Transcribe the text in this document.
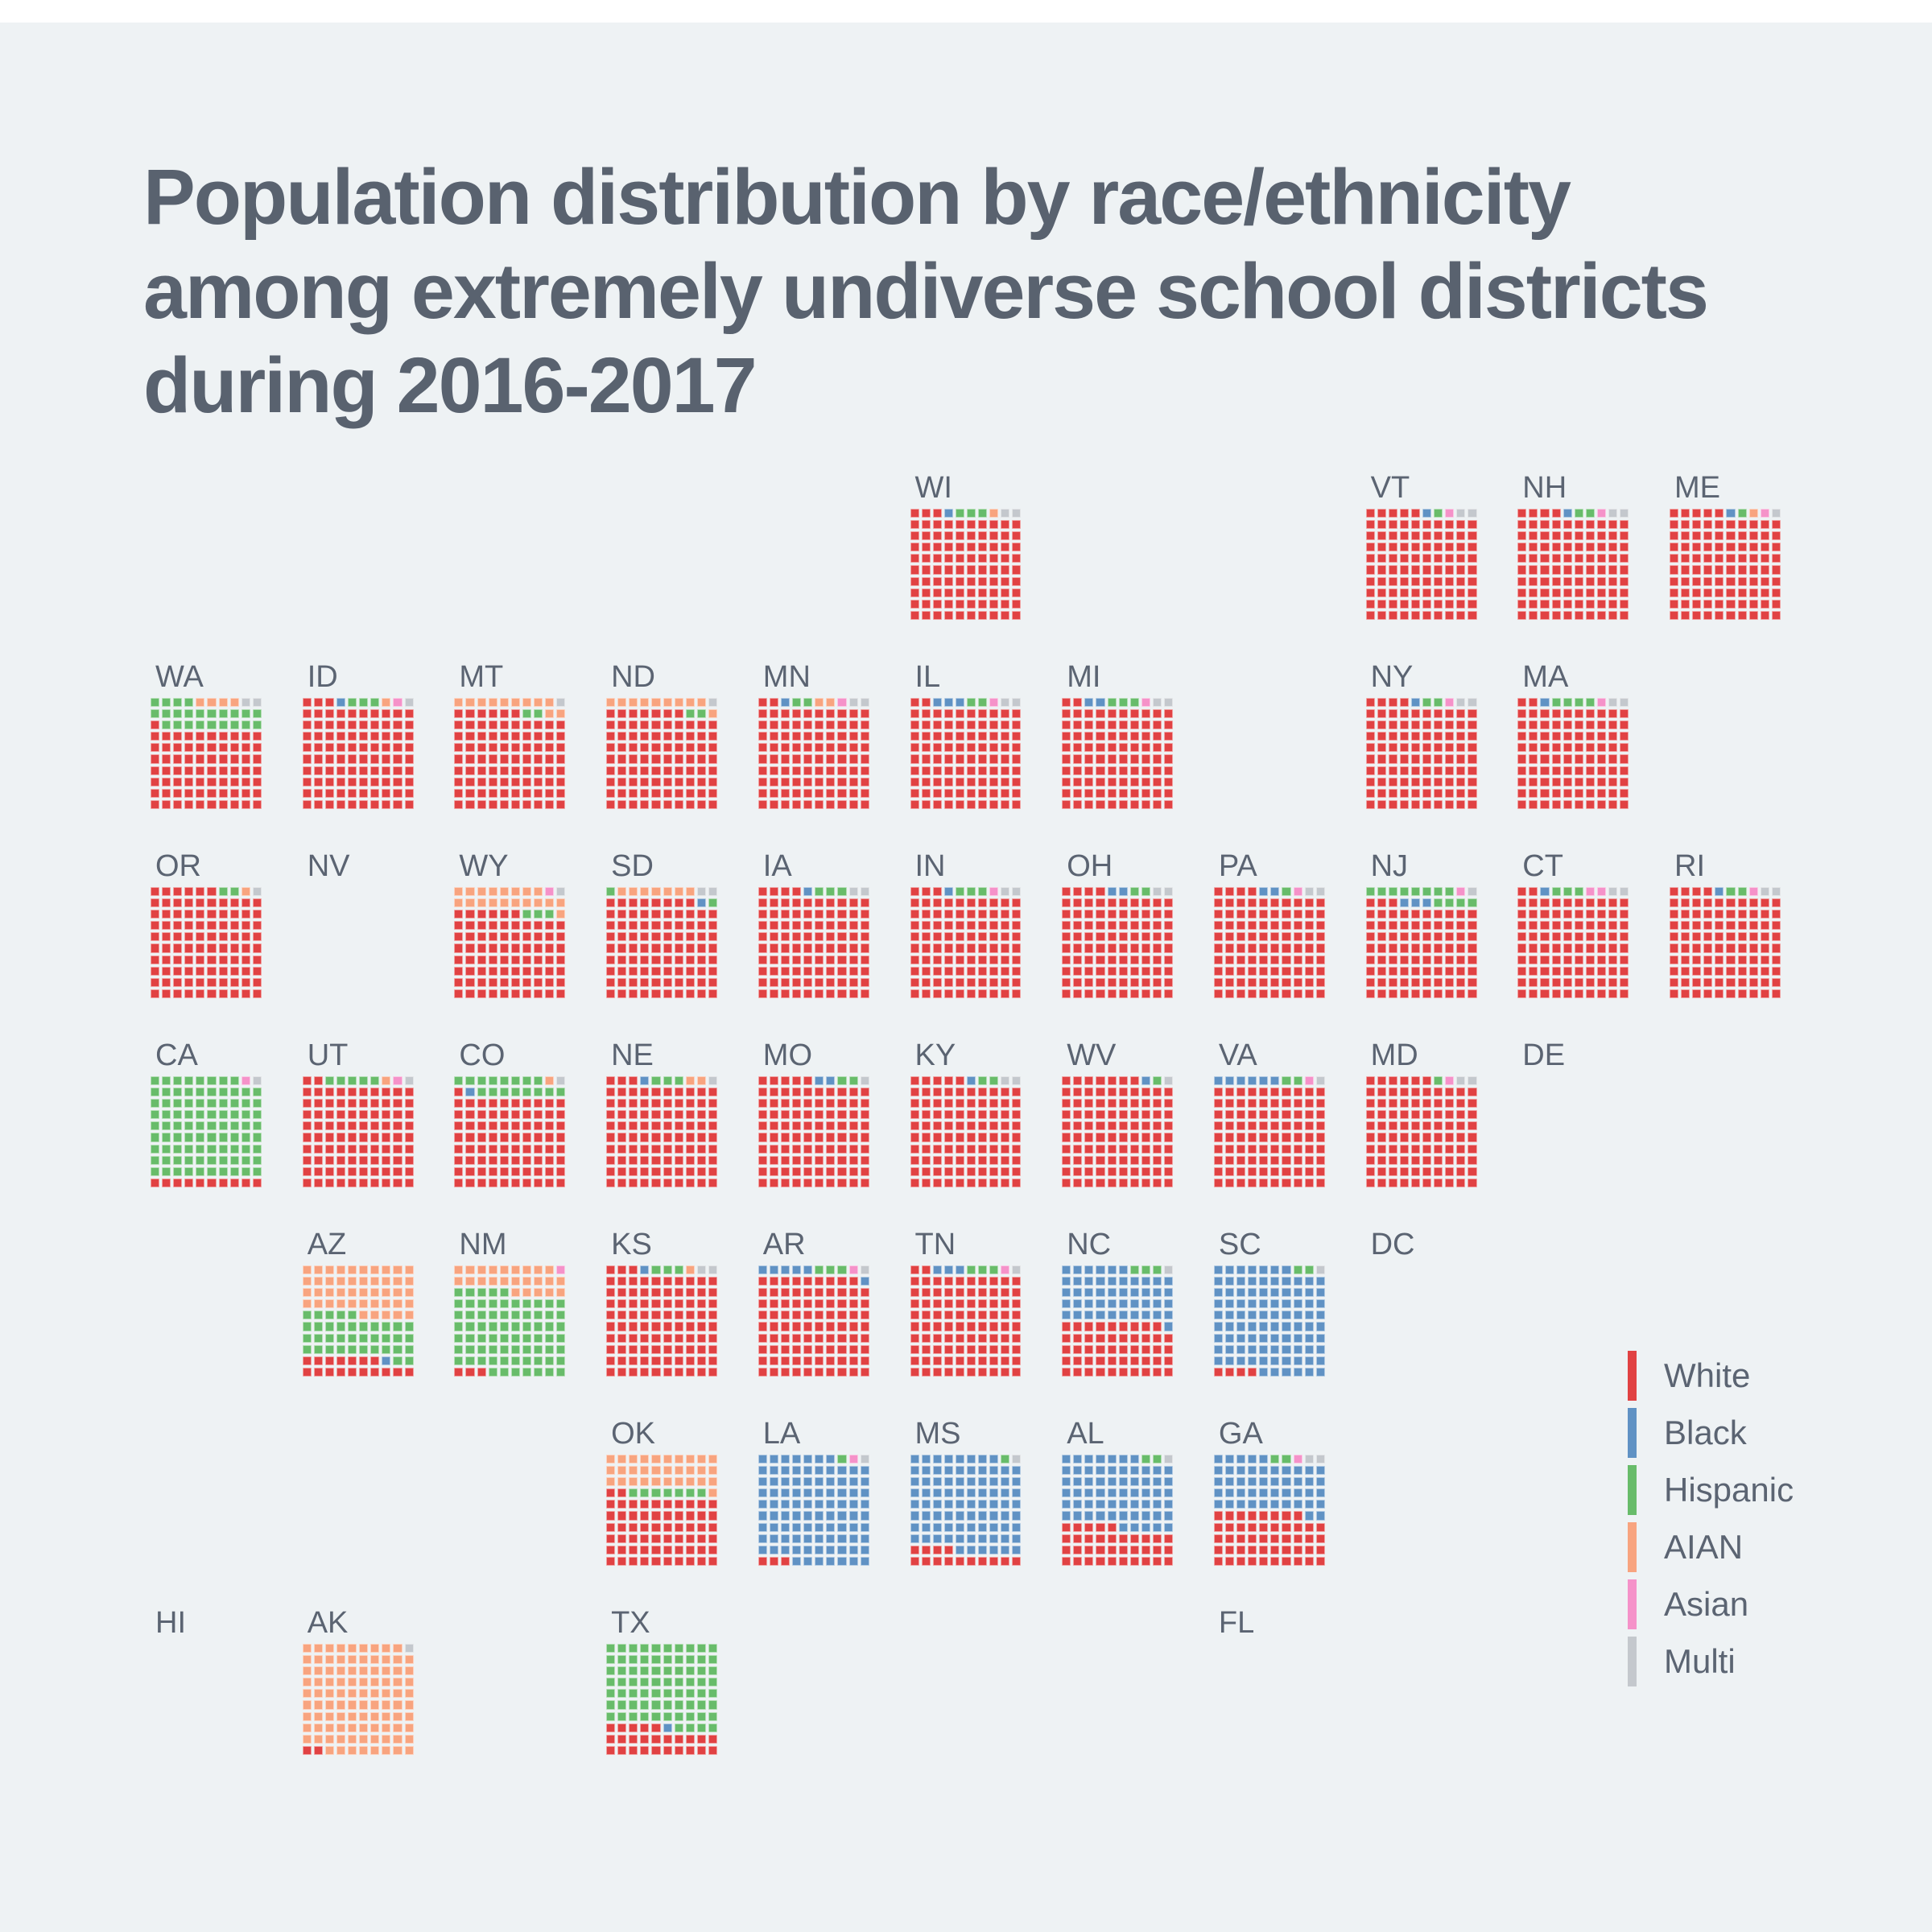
Population distribution by race/ethnicity
among extremely undiverse school districts
during 2016-2017
WI	VT	NH	ME
WA	ID	MT	ND	MN	IL	MI	NY	MA
OR	NV	WY	SD	IA	IN	OH	PA	NJ	CT	RI
CA	UT	CO	NE	MO	KY	WV	VA	MD	DE
AZ	NM	KS	AR	TN	NC	SC	DC
OK	LA	MS	AL	GA
HI	AK	TX	FL
White
Black
Hispanic
AIAN
Asian
Multi
